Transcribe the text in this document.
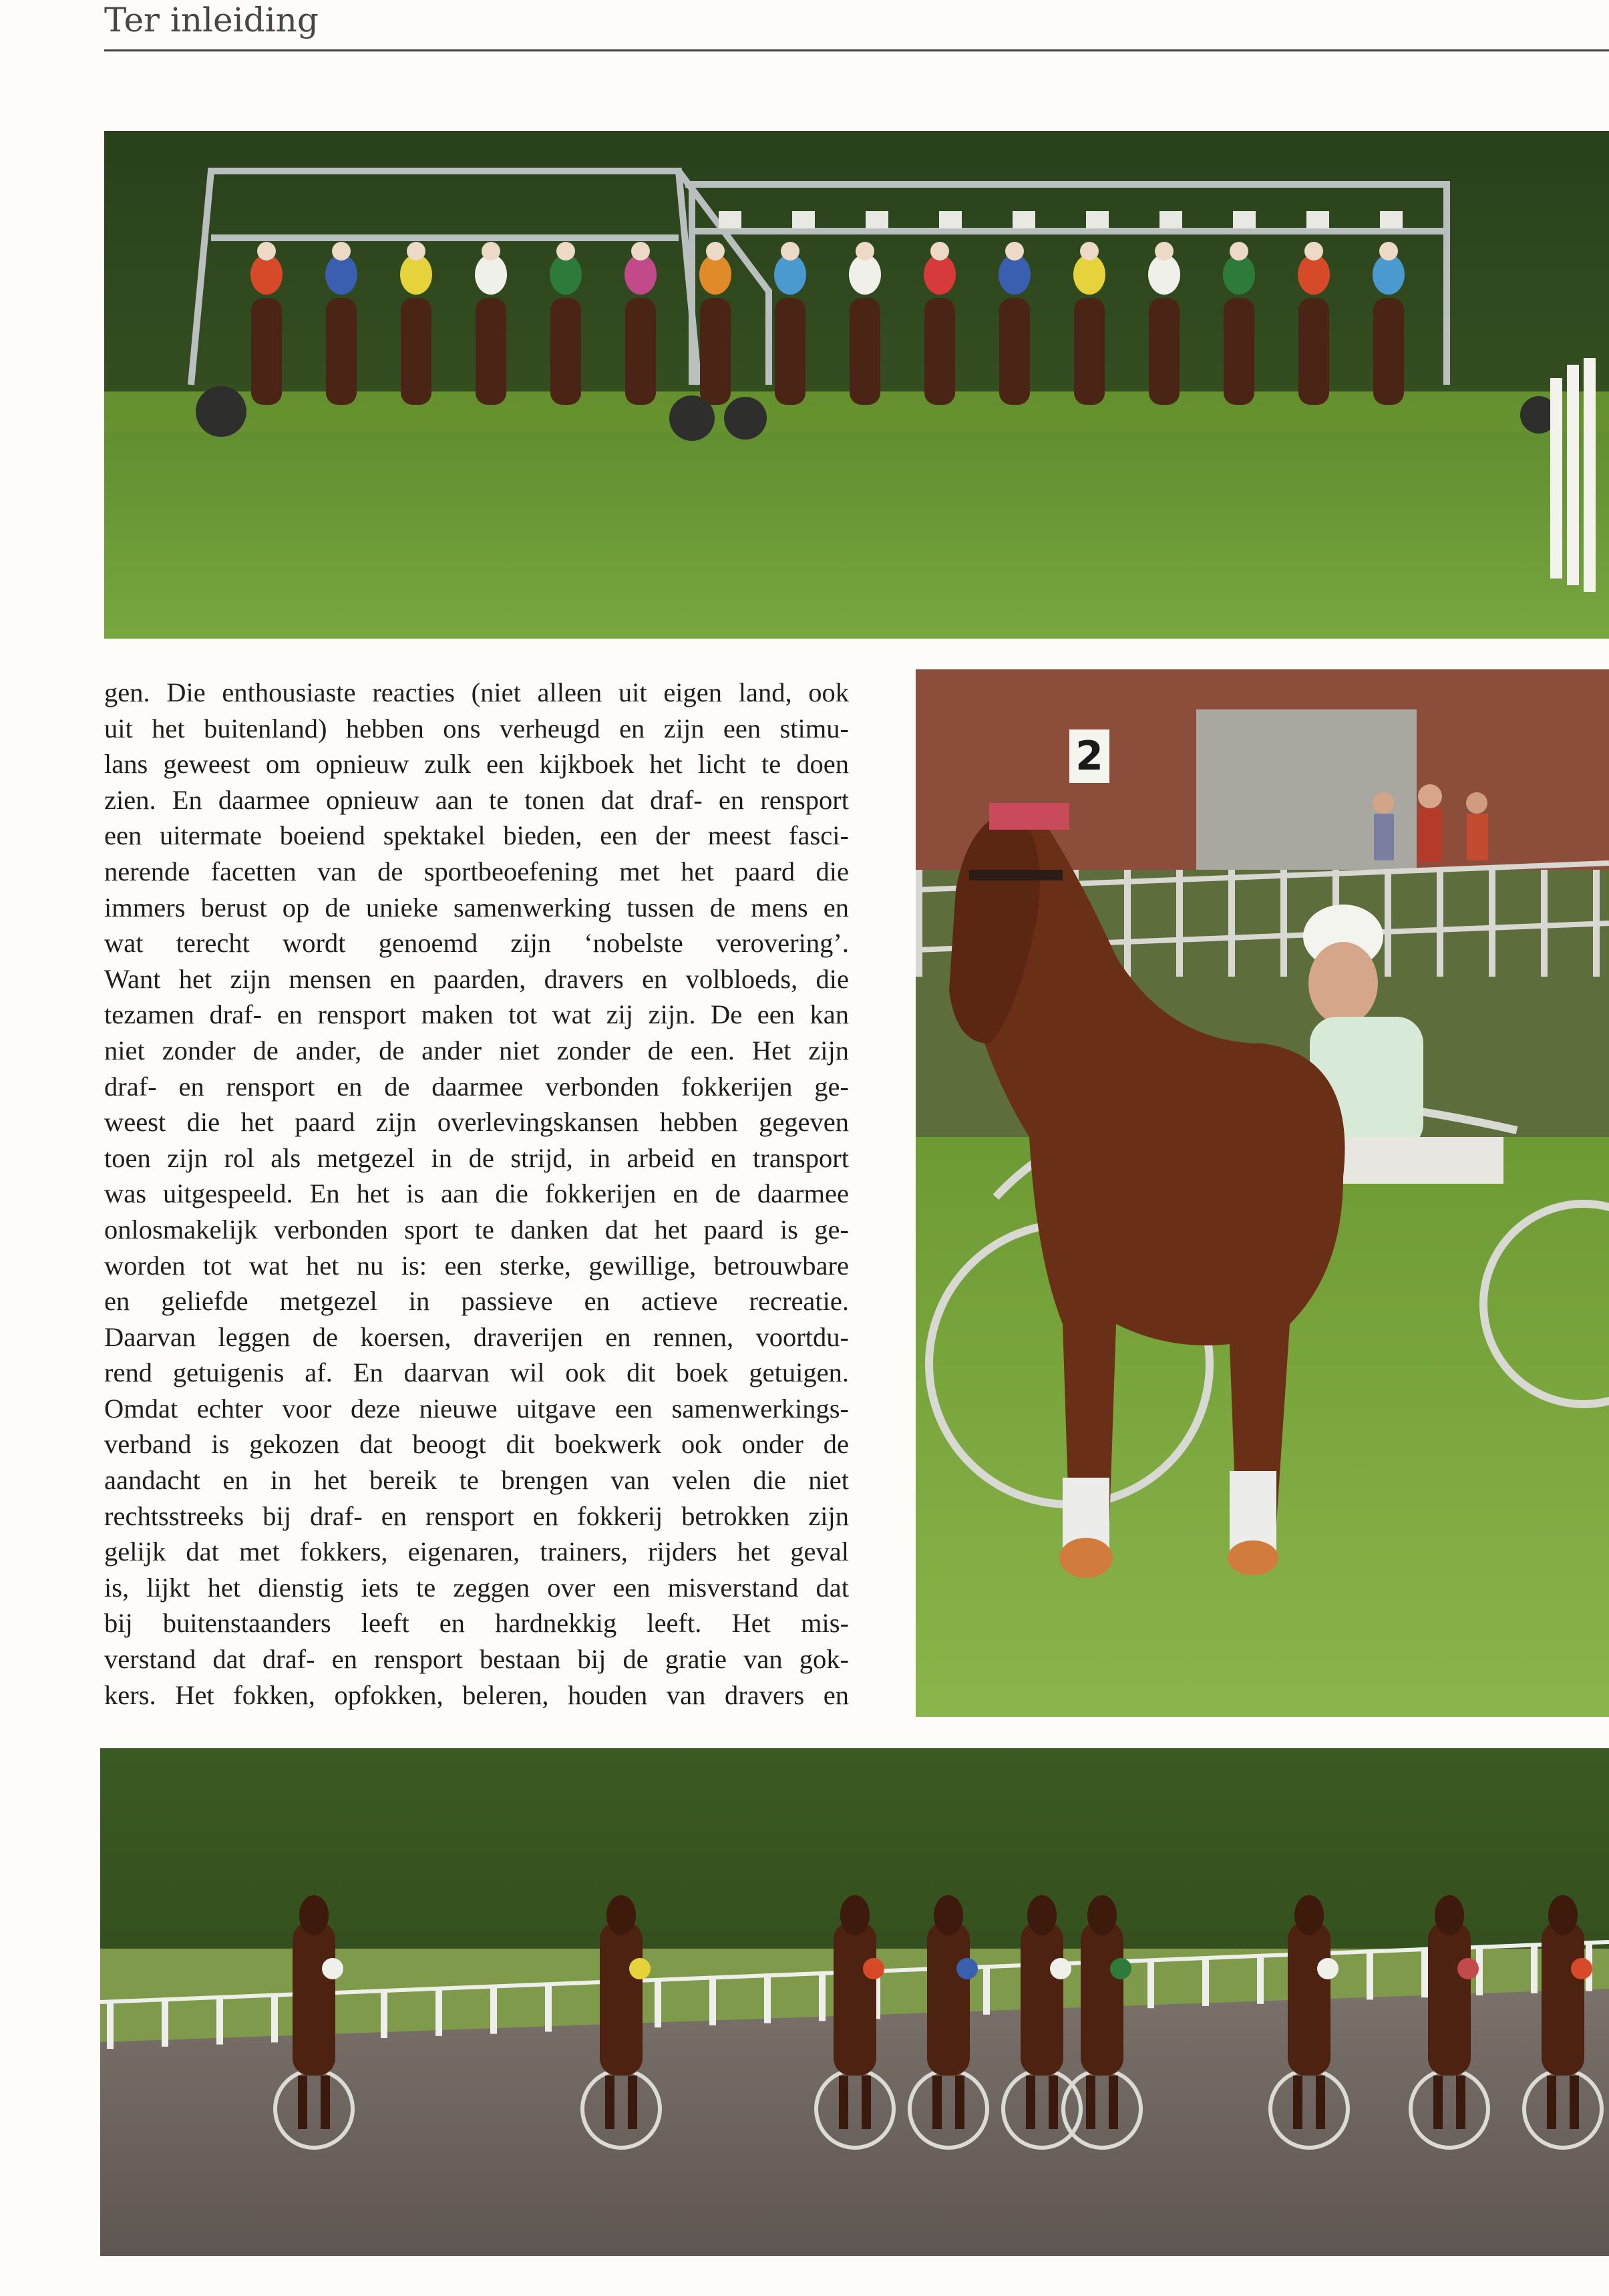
Ter inleiding

gen. Die enthousiaste reacties (niet alleen uit eigen land, ook

uit het buitenland) hebben ons verheugd en zijn een stimu-

lans geweest om opnieuw zulk een kijkboek het licht te doen

zien. En daarmee opnieuw aan te tonen dat draf- en rensport

een uitermate boeiend spektakel bieden, een der meest fasci-

nerende facetten van de sportbeoefening met het paard die

immers berust op de unieke samenwerking tussen de mens en

wat terecht wordt genoemd zijn ‘nobelste verovering’.

Want het zijn mensen en paarden, dravers en volbloeds, die

tezamen draf- en rensport maken tot wat zij zijn. De een kan

niet zonder de ander, de ander niet zonder de een. Het zijn

draf- en rensport en de daarmee verbonden fokkerijen ge-

weest die het paard zijn overlevingskansen hebben gegeven

toen zijn rol als metgezel in de strijd, in arbeid en transport

was uitgespeeld. En het is aan die fokkerijen en de daarmee

onlosmakelijk verbonden sport te danken dat het paard is ge-

worden tot wat het nu is: een sterke, gewillige, betrouwbare

en geliefde metgezel in passieve en actieve recreatie.

Daarvan leggen de koersen, draverijen en rennen, voortdu-

rend getuigenis af. En daarvan wil ook dit boek getuigen.

Omdat echter voor deze nieuwe uitgave een samenwerkings-

verband is gekozen dat beoogt dit boekwerk ook onder de

aandacht en in het bereik te brengen van velen die niet

rechtsstreeks bij draf- en rensport en fokkerij betrokken zijn

gelijk dat met fokkers, eigenaren, trainers, rijders het geval

is, lijkt het dienstig iets te zeggen over een misverstand dat

bij buitenstaanders leeft en hardnekkig leeft. Het mis-

verstand dat draf- en rensport bestaan bij de gratie van gok-

kers. Het fokken, opfokken, beleren, houden van dravers en

2
